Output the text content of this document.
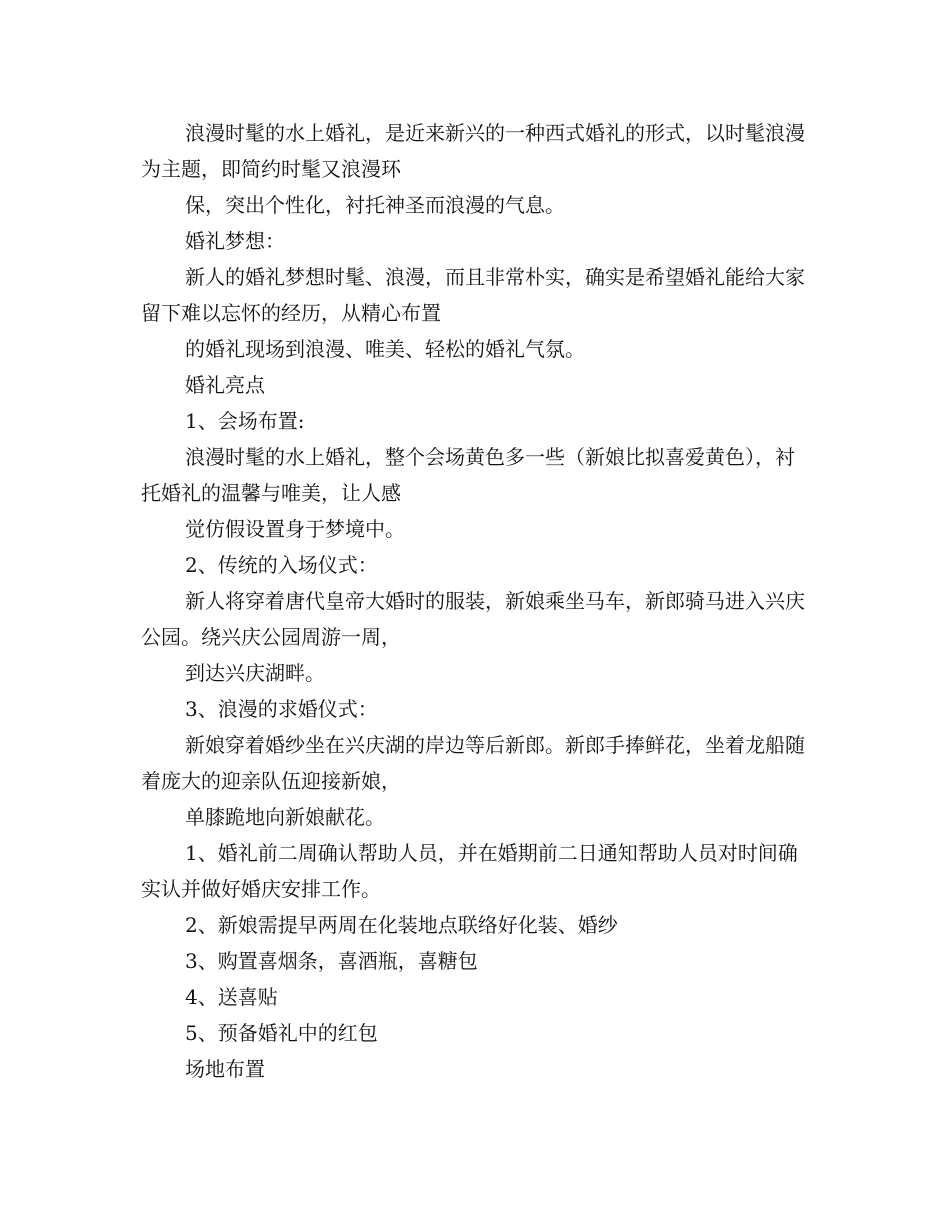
浪漫时髦的水上婚礼，是近来新兴的一种西式婚礼的形式，以时髦浪漫为主题，即简约时髦又浪漫环

保，突出个性化，衬托神圣而浪漫的气息。

婚礼梦想：

新人的婚礼梦想时髦、浪漫，而且非常朴实，确实是希望婚礼能给大家留下难以忘怀的经历，从精心布置

的婚礼现场到浪漫、唯美、轻松的婚礼气氛。

婚礼亮点

1、会场布置:

浪漫时髦的水上婚礼，整个会场黄色多一些（新娘比拟喜爱黄色），衬托婚礼的温馨与唯美，让人感

觉仿假设置身于梦境中。

2、传统的入场仪式：

新人将穿着唐代皇帝大婚时的服装，新娘乘坐马车，新郎骑马进入兴庆公园。绕兴庆公园周游一周，

到达兴庆湖畔。

3、浪漫的求婚仪式：

新娘穿着婚纱坐在兴庆湖的岸边等后新郎。新郎手捧鲜花，坐着龙船随着庞大的迎亲队伍迎接新娘，

单膝跪地向新娘献花。

1、婚礼前二周确认帮助人员，并在婚期前二日通知帮助人员对时间确实认并做好婚庆安排工作。

2、新娘需提早两周在化装地点联络好化装、婚纱

3、购置喜烟条，喜酒瓶，喜糖包

4、送喜贴

5、预备婚礼中的红包

场地布置
